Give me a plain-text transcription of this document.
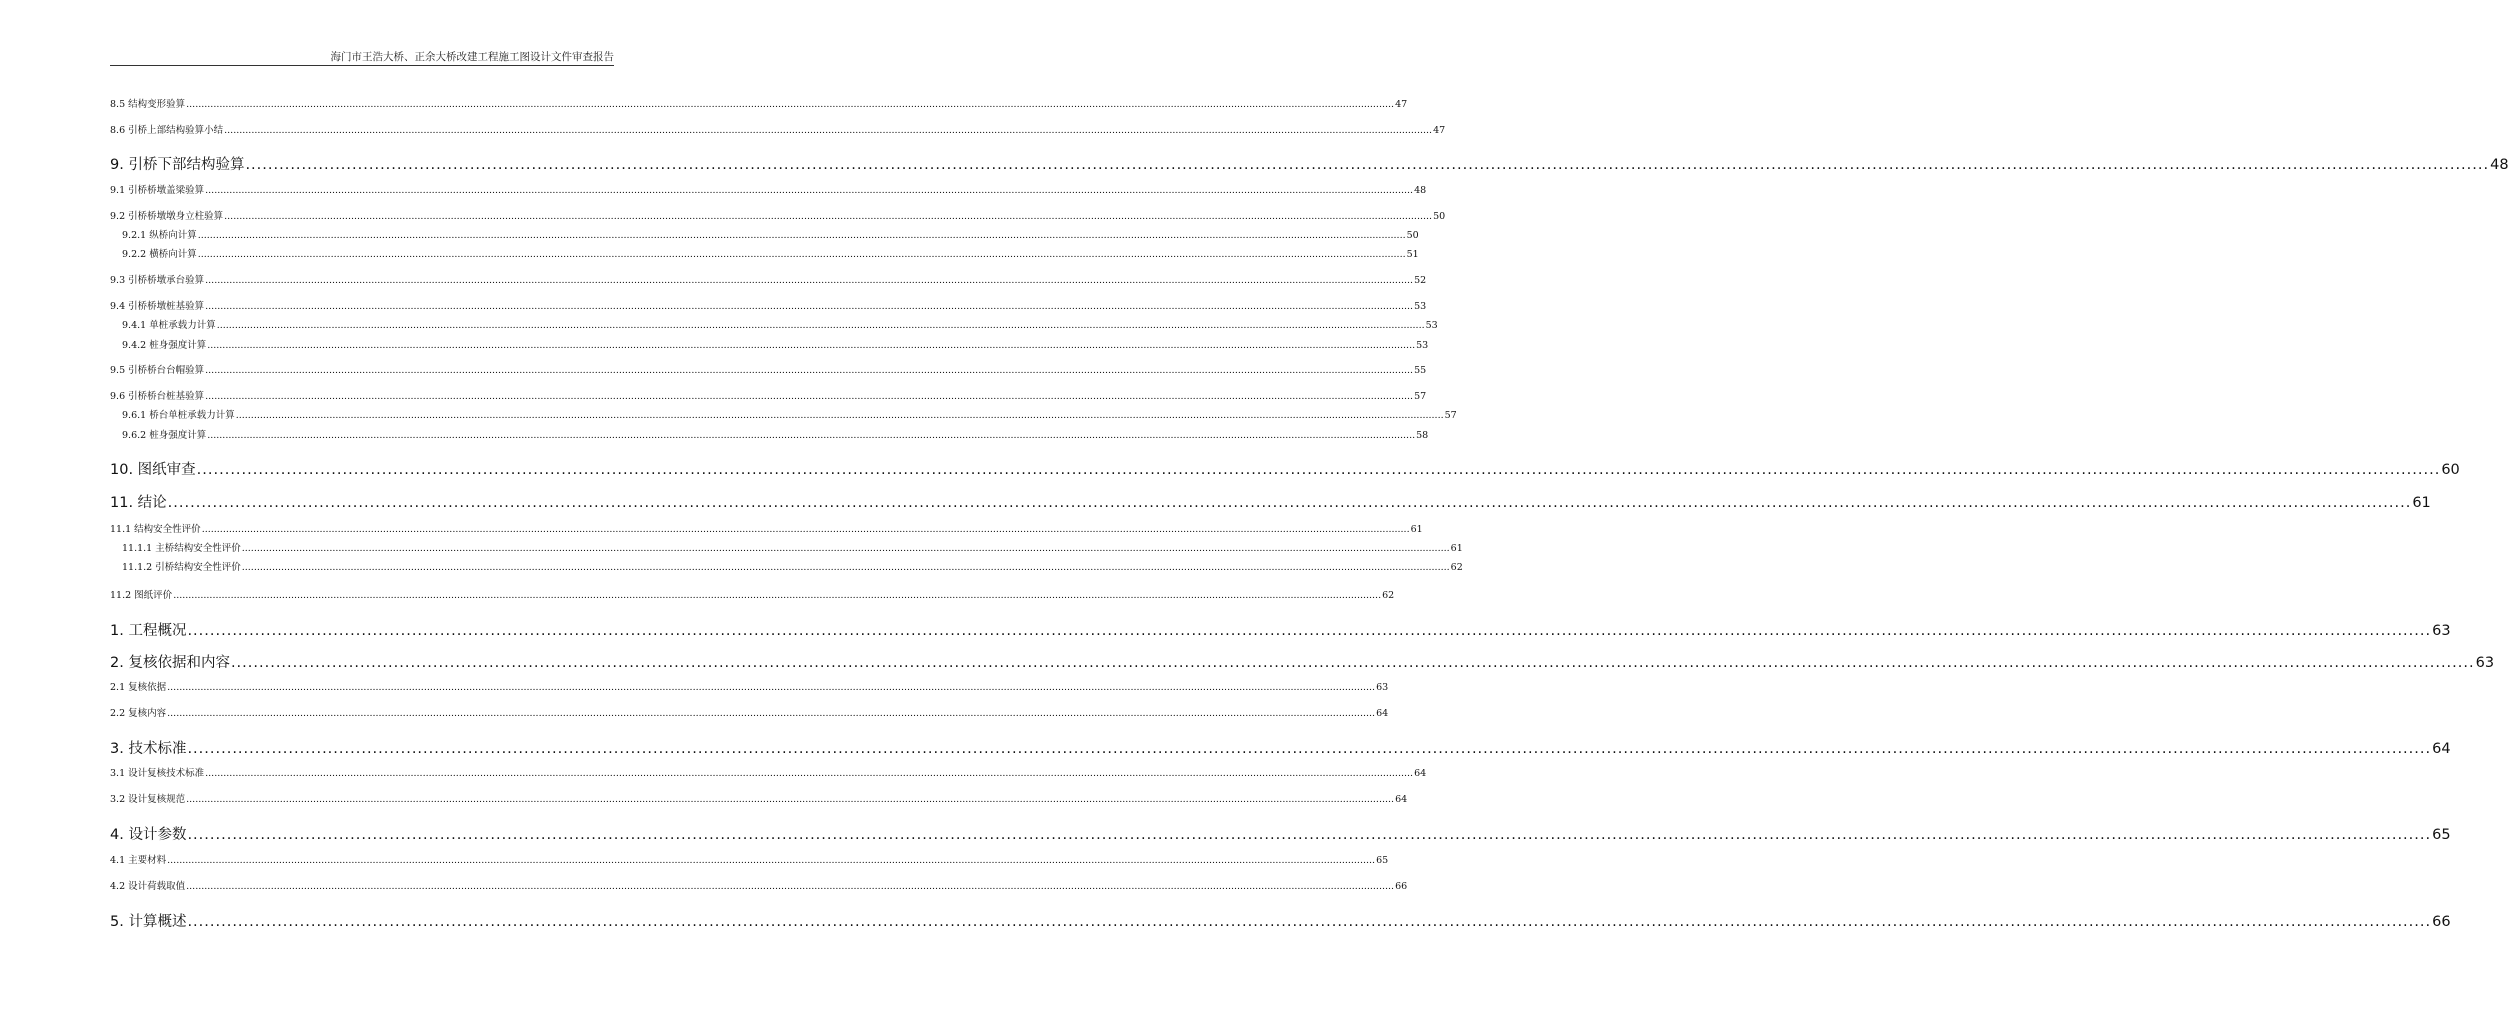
海门市王浩大桥、正余大桥改建工程施工图设计文件审查报告
8.5 结构变形验算 ................................................................................................................................................................................................................................................................................................................................................................................................................ 47
8.6 引桥上部结构验算小结 ................................................................................................................................................................................................................................................................................................................................................................................................................ 47
9. 引桥下部结构验算 ................................................................................................................................................................................................................................................................................................................................................................................................................ 48
9.1 引桥桥墩盖梁验算 ................................................................................................................................................................................................................................................................................................................................................................................................................ 48
9.2 引桥桥墩墩身立柱验算 ................................................................................................................................................................................................................................................................................................................................................................................................................ 50
9.2.1 纵桥向计算 ................................................................................................................................................................................................................................................................................................................................................................................................................ 50
9.2.2 横桥向计算 ................................................................................................................................................................................................................................................................................................................................................................................................................ 51
9.3 引桥桥墩承台验算 ................................................................................................................................................................................................................................................................................................................................................................................................................ 52
9.4 引桥桥墩桩基验算 ................................................................................................................................................................................................................................................................................................................................................................................................................ 53
9.4.1 单桩承载力计算 ................................................................................................................................................................................................................................................................................................................................................................................................................ 53
9.4.2 桩身强度计算 ................................................................................................................................................................................................................................................................................................................................................................................................................ 53
9.5 引桥桥台台帽验算 ................................................................................................................................................................................................................................................................................................................................................................................................................ 55
9.6 引桥桥台桩基验算 ................................................................................................................................................................................................................................................................................................................................................................................................................ 57
9.6.1 桥台单桩承载力计算 ................................................................................................................................................................................................................................................................................................................................................................................................................ 57
9.6.2 桩身强度计算 ................................................................................................................................................................................................................................................................................................................................................................................................................ 58
10. 图纸审查 ................................................................................................................................................................................................................................................................................................................................................................................................................ 60
11. 结论 ................................................................................................................................................................................................................................................................................................................................................................................................................ 61
11.1 结构安全性评价 ................................................................................................................................................................................................................................................................................................................................................................................................................ 61
11.1.1 主桥结构安全性评价 ................................................................................................................................................................................................................................................................................................................................................................................................................ 61
11.1.2 引桥结构安全性评价 ................................................................................................................................................................................................................................................................................................................................................................................................................ 62
11.2 图纸评价 ................................................................................................................................................................................................................................................................................................................................................................................................................ 62
1. 工程概况 ................................................................................................................................................................................................................................................................................................................................................................................................................ 63
2. 复核依据和内容 ................................................................................................................................................................................................................................................................................................................................................................................................................ 63
2.1 复核依据 ................................................................................................................................................................................................................................................................................................................................................................................................................ 63
2.2 复核内容 ................................................................................................................................................................................................................................................................................................................................................................................................................ 64
3. 技术标准 ................................................................................................................................................................................................................................................................................................................................................................................................................ 64
3.1 设计复核技术标准 ................................................................................................................................................................................................................................................................................................................................................................................................................ 64
3.2 设计复核规范 ................................................................................................................................................................................................................................................................................................................................................................................................................ 64
4. 设计参数 ................................................................................................................................................................................................................................................................................................................................................................................................................ 65
4.1 主要材料 ................................................................................................................................................................................................................................................................................................................................................................................................................ 65
4.2 设计荷载取值 ................................................................................................................................................................................................................................................................................................................................................................................................................ 66
5. 计算概述 ................................................................................................................................................................................................................................................................................................................................................................................................................ 66
